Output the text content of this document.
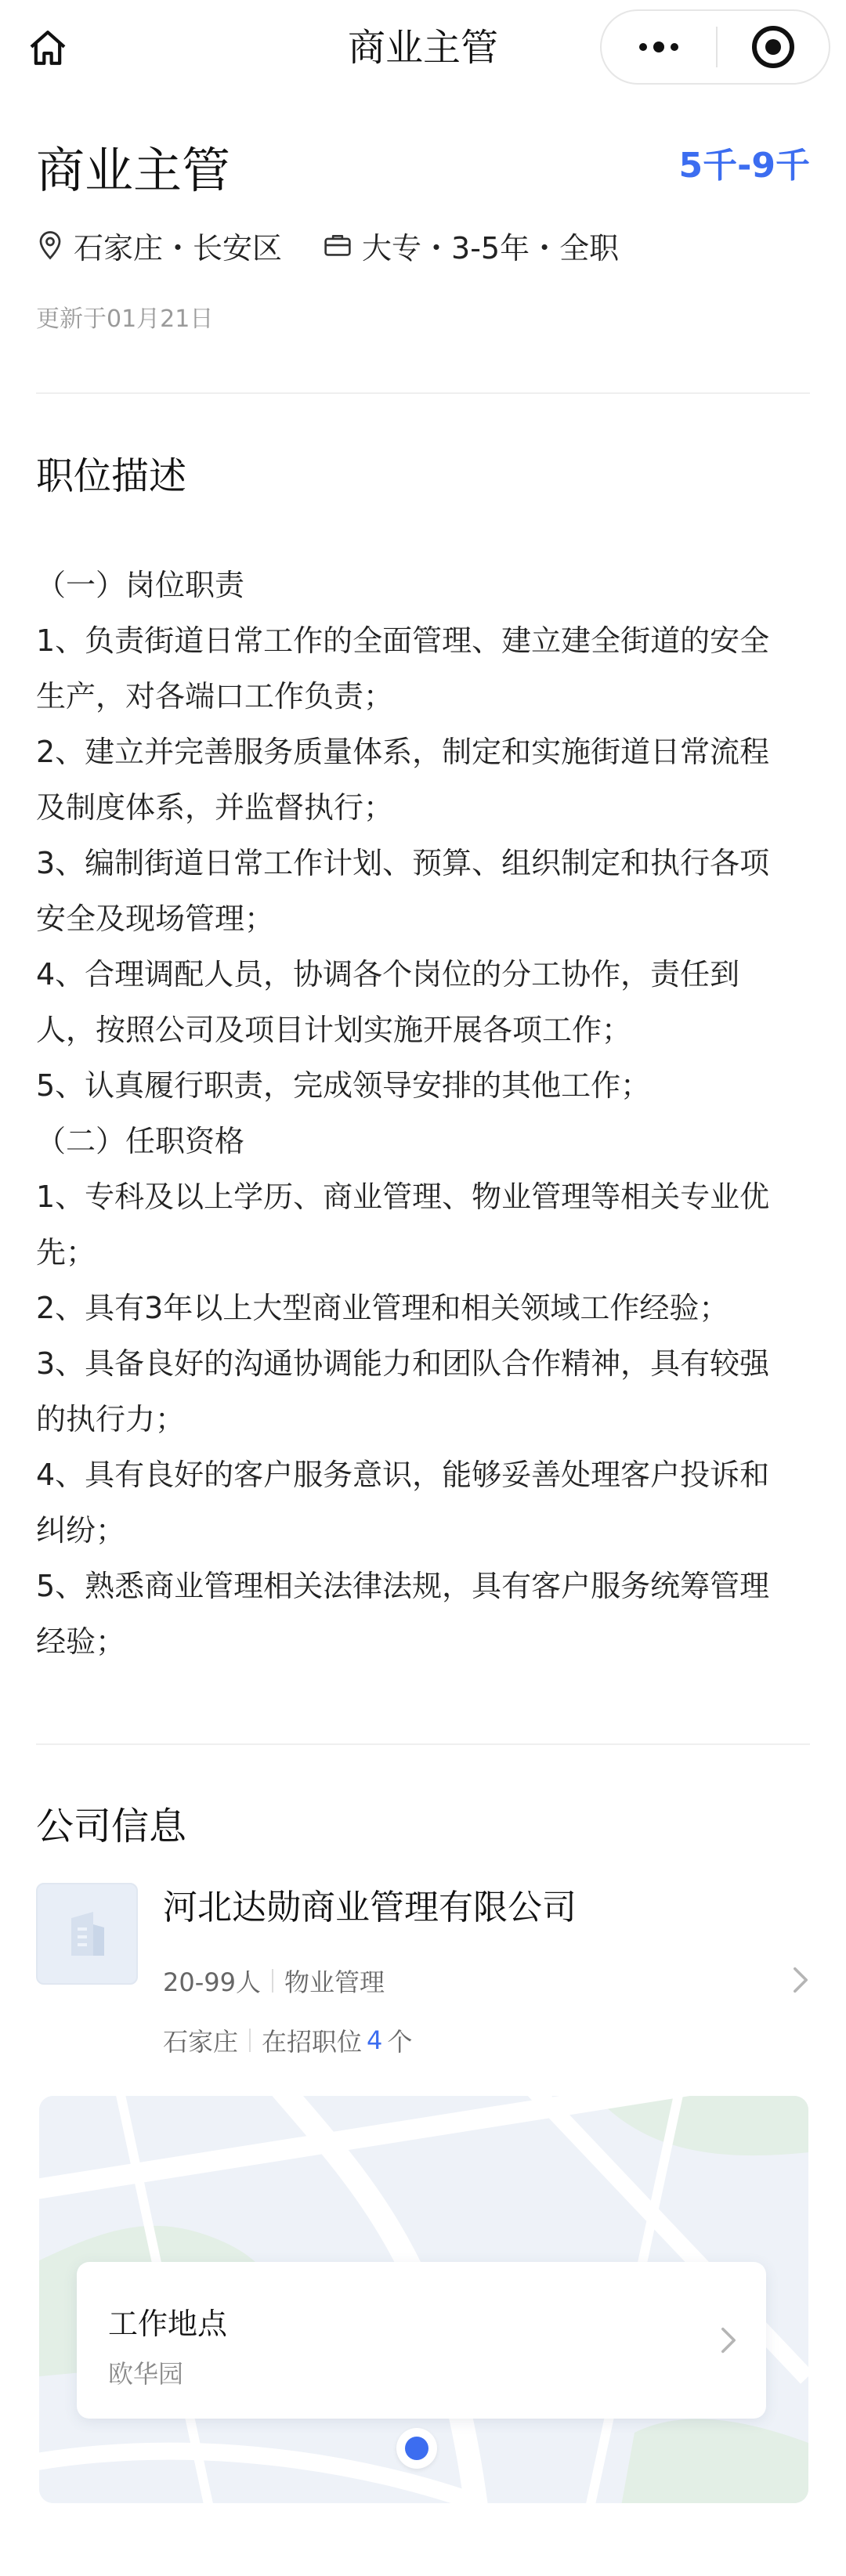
商业主管
商业主管	5千-9千
石家庄・长安区	大专・3-5年・全职
更新于01月21日
职位描述

（一）岗位职责

1、负责街道日常工作的全面管理、建立建全街道的安全

生产，对各端口工作负责；

2、建立并完善服务质量体系，制定和实施街道日常流程

及制度体系，并监督执行；

3、编制街道日常工作计划、预算、组织制定和执行各项

安全及现场管理；

4、合理调配人员，协调各个岗位的分工协作，责任到

人，按照公司及项目计划实施开展各项工作；

5、认真履行职责，完成领导安排的其他工作；

（二）任职资格

1、专科及以上学历、商业管理、物业管理等相关专业优

先；

2、具有3年以上大型商业管理和相关领域工作经验；

3、具备良好的沟通协调能力和团队合作精神，具有较强

的执行力；

4、具有良好的客户服务意识，能够妥善处理客户投诉和

纠纷；

5、熟悉商业管理相关法律法规，具有客户服务统筹管理

经验；

公司信息
河北达勋商业管理有限公司
20-99人 物业管理
石家庄 在招职位 4 个
工作地点
欧华园
